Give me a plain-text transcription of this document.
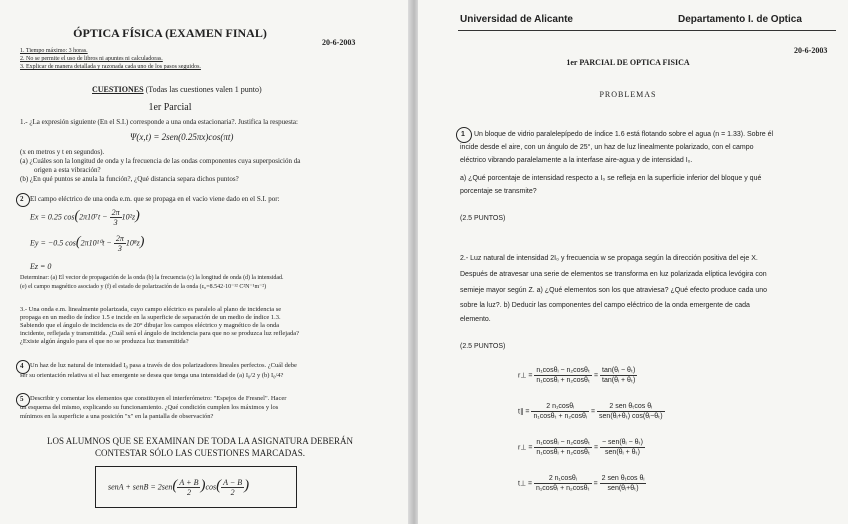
ÓPTICA FÍSICA (EXAMEN FINAL)
20-6-2003
1. Tiempo máximo: 3 horas.
2. No se permite el uso de libros ni apuntes ni calculadoras.
3. Explicar de manera detallada y razonada cada uno de los pasos seguidos.
CUESTIONES (Todas las cuestiones valen 1 punto)
1er Parcial
1.- ¿La expresión siguiente (En el S.I.) corresponde a una onda estacionaria?. Justifica la respuesta:
Ψ(x,t) = 2sen(0.25πx)cos(πt)
(x en metros y t en segundos).
(a) ¿Cuáles son la longitud de onda y la frecuencia de las ondas componentes cuya superposición da
origen a esta vibración?
(b) ¿En qué puntos se anula la función?, ¿Qué distancia separa dichos puntos?
2 El campo eléctrico de una onda e.m. que se propaga en el vacío viene dado en el S.I. por:
Ex = 0.25 $\cos(2\pi 10^7t - \frac{2\pi}{3} 10^2z)$
Ey = −0.5 $\cos(2\pi 10^{10}t - \frac{2\pi}{3} 10^8z)$
Ez = 0
Determinar: (a) El vector de propagación de la onda (b) la frecuencia (c) la longitud de onda (d) la intensidad.
(e) el campo magnético asociado y (f) el estado de polarización de la onda (ε₀=8.542·10⁻¹² C²N⁻¹m⁻²)
3.- Una onda e.m. linealmente polarizada, cuyo campo eléctrico es paralelo al plano de incidencia se
propaga en un medio de índice 1.5 e incide en la superficie de separación de un medio de índice 1.3.
Sabiendo que el ángulo de incidencia es de 20° dibujar los campos eléctrico y magnético de la onda
incidente, reflejada y transmitida. ¿Cuál será el ángulo de incidencia para que no se produzca luz reflejada?
¿Existe algún ángulo para el que no se produzca luz transmitida?
4 Un haz de luz natural de intensidad I₀ pasa a través de dos polarizadores lineales perfectos. ¿Cuál debe
ser su orientación relativa si el haz emergente se desea que tenga una intensidad de (a) I₀/2 y (b) I₀/4?
5 Describir y comentar los elementos que constituyen el interferómetro: "Espejos de Fresnel". Hacer
un esquema del mismo, explicando su funcionamiento. ¿Qué condición cumplen los máximos y los
mínimos en la superficie a una posición "x" en la pantalla de observación?
LOS ALUMNOS QUE SE EXAMINAN DE TODA LA ASIGNATURA DEBERÁN
CONTESTAR SÓLO LAS CUESTIONES MARCADAS.
senA + senB = $2sen( \frac{A + B}{2} )\cos( \frac{A - B}{2}$ )
Universidad de Alicante	Departamento I. de Optica
20-6-2003
1er PARCIAL DE OPTICA FISICA
PROBLEMAS
1 Un bloque de vidrio paralelepípedo de índice 1.6 está flotando sobre el agua (n = 1.33). Sobre él
incide desde el aire, con un ángulo de 25°, un haz de luz linealmente polarizado, con el campo
eléctrico vibrando paralelamente a la interfase aire-agua y de intensidad I₀.
a) ¿Qué porcentaje de intensidad respecto a I₀ se refleja en la superficie inferior del bloque y qué
porcentaje se transmite?
(2.5 PUNTOS)
2.- Luz natural de intensidad 2I₀ y frecuencia w se propaga según la dirección positiva del eje X.
Después de atravesar una serie de elementos se transforma en luz polarizada elíptica levógira con
semieje mayor según Z. a) ¿Qué elementos son los que atraviesa? ¿Qué efecto produce cada uno
sobre la luz?. b) Deducir las componentes del campo eléctrico de la onda emergente de cada
elemento.
(2.5 PUNTOS)
r⊥ = $\frac{\text{n₁cosθᵢ − n₂cosθₜ}}{\text{n₁cosθᵢ + n₂cosθₜ}} = \frac{\text{tan(θᵢ − θₜ)}}{\text{tan(θᵢ + θₜ)}}$
t∥ = $\frac{\text{2 n₁cosθᵢ}}{\text{n₁cosθₜ + n₂cosθᵢ}} = \frac{\text{2 sen θₜcos θᵢ}}{\text{sen(θᵢ+θₜ) cos(θᵢ−θₜ)}}$
r⊥ = $\frac{\text{n₁cosθᵢ − n₂cosθₜ}}{\text{n₁cosθᵢ + n₂cosθₜ}} = \frac{\text{− sen(θᵢ − θₜ)}}{\text{sen(θᵢ + θₜ)}}$
t⊥ = $\frac{\text{2 n₁cosθᵢ}}{\text{n₁cosθᵢ + n₂cosθₜ}} = \frac{\text{2 sen θₜcos θᵢ}}{\text{sen(θᵢ+θₜ)}}$
